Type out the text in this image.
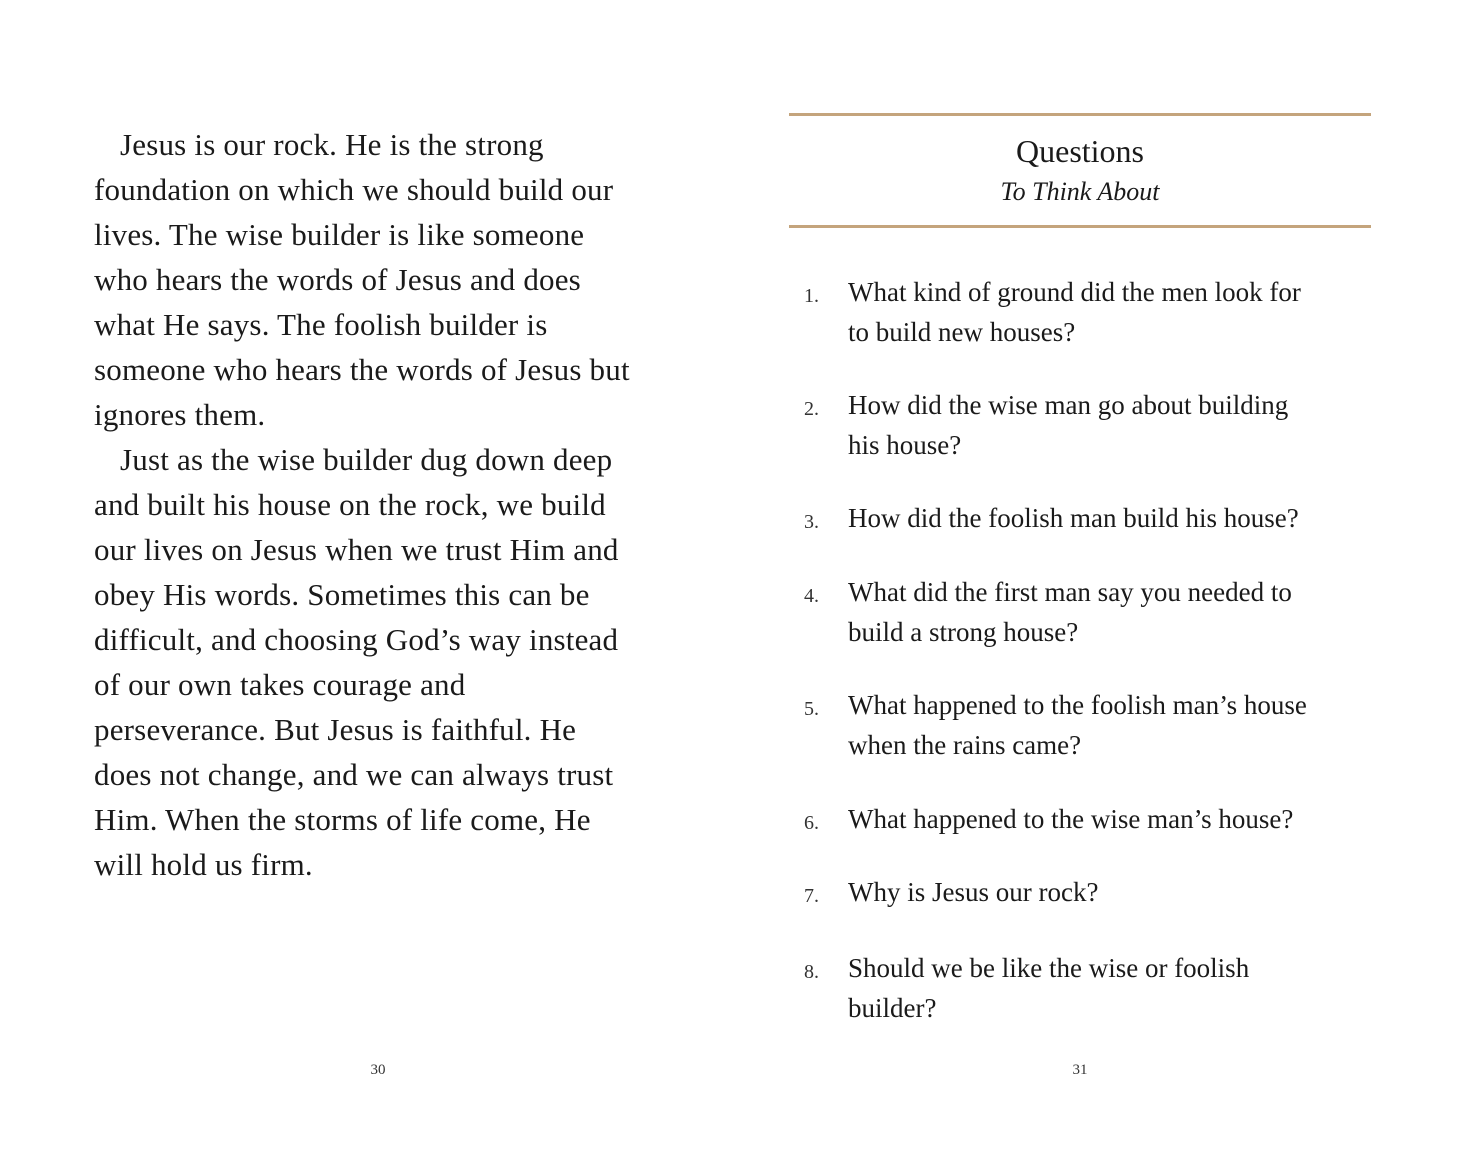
Jesus is our rock. He is the strong
foundation on which we should build our
lives. The wise builder is like someone
who hears the words of Jesus and does
what He says. The foolish builder is
someone who hears the words of Jesus but
ignores them.

Just as the wise builder dug down deep
and built his house on the rock, we build
our lives on Jesus when we trust Him and
obey His words. Sometimes this can be
difficult, and choosing God’s way instead
of our own takes courage and
perseverance. But Jesus is faithful. He
does not change, and we can always trust
Him. When the storms of life come, He
will hold us firm.

30
Questions
To Think About
1. What kind of ground did the men look for
to build new houses?
2. How did the wise man go about building
his house?
3. How did the foolish man build his house?
4. What did the first man say you needed to
build a strong house?
5. What happened to the foolish man’s house
when the rains came?
6. What happened to the wise man’s house?
7. Why is Jesus our rock?
8. Should we be like the wise or foolish
builder?
31
